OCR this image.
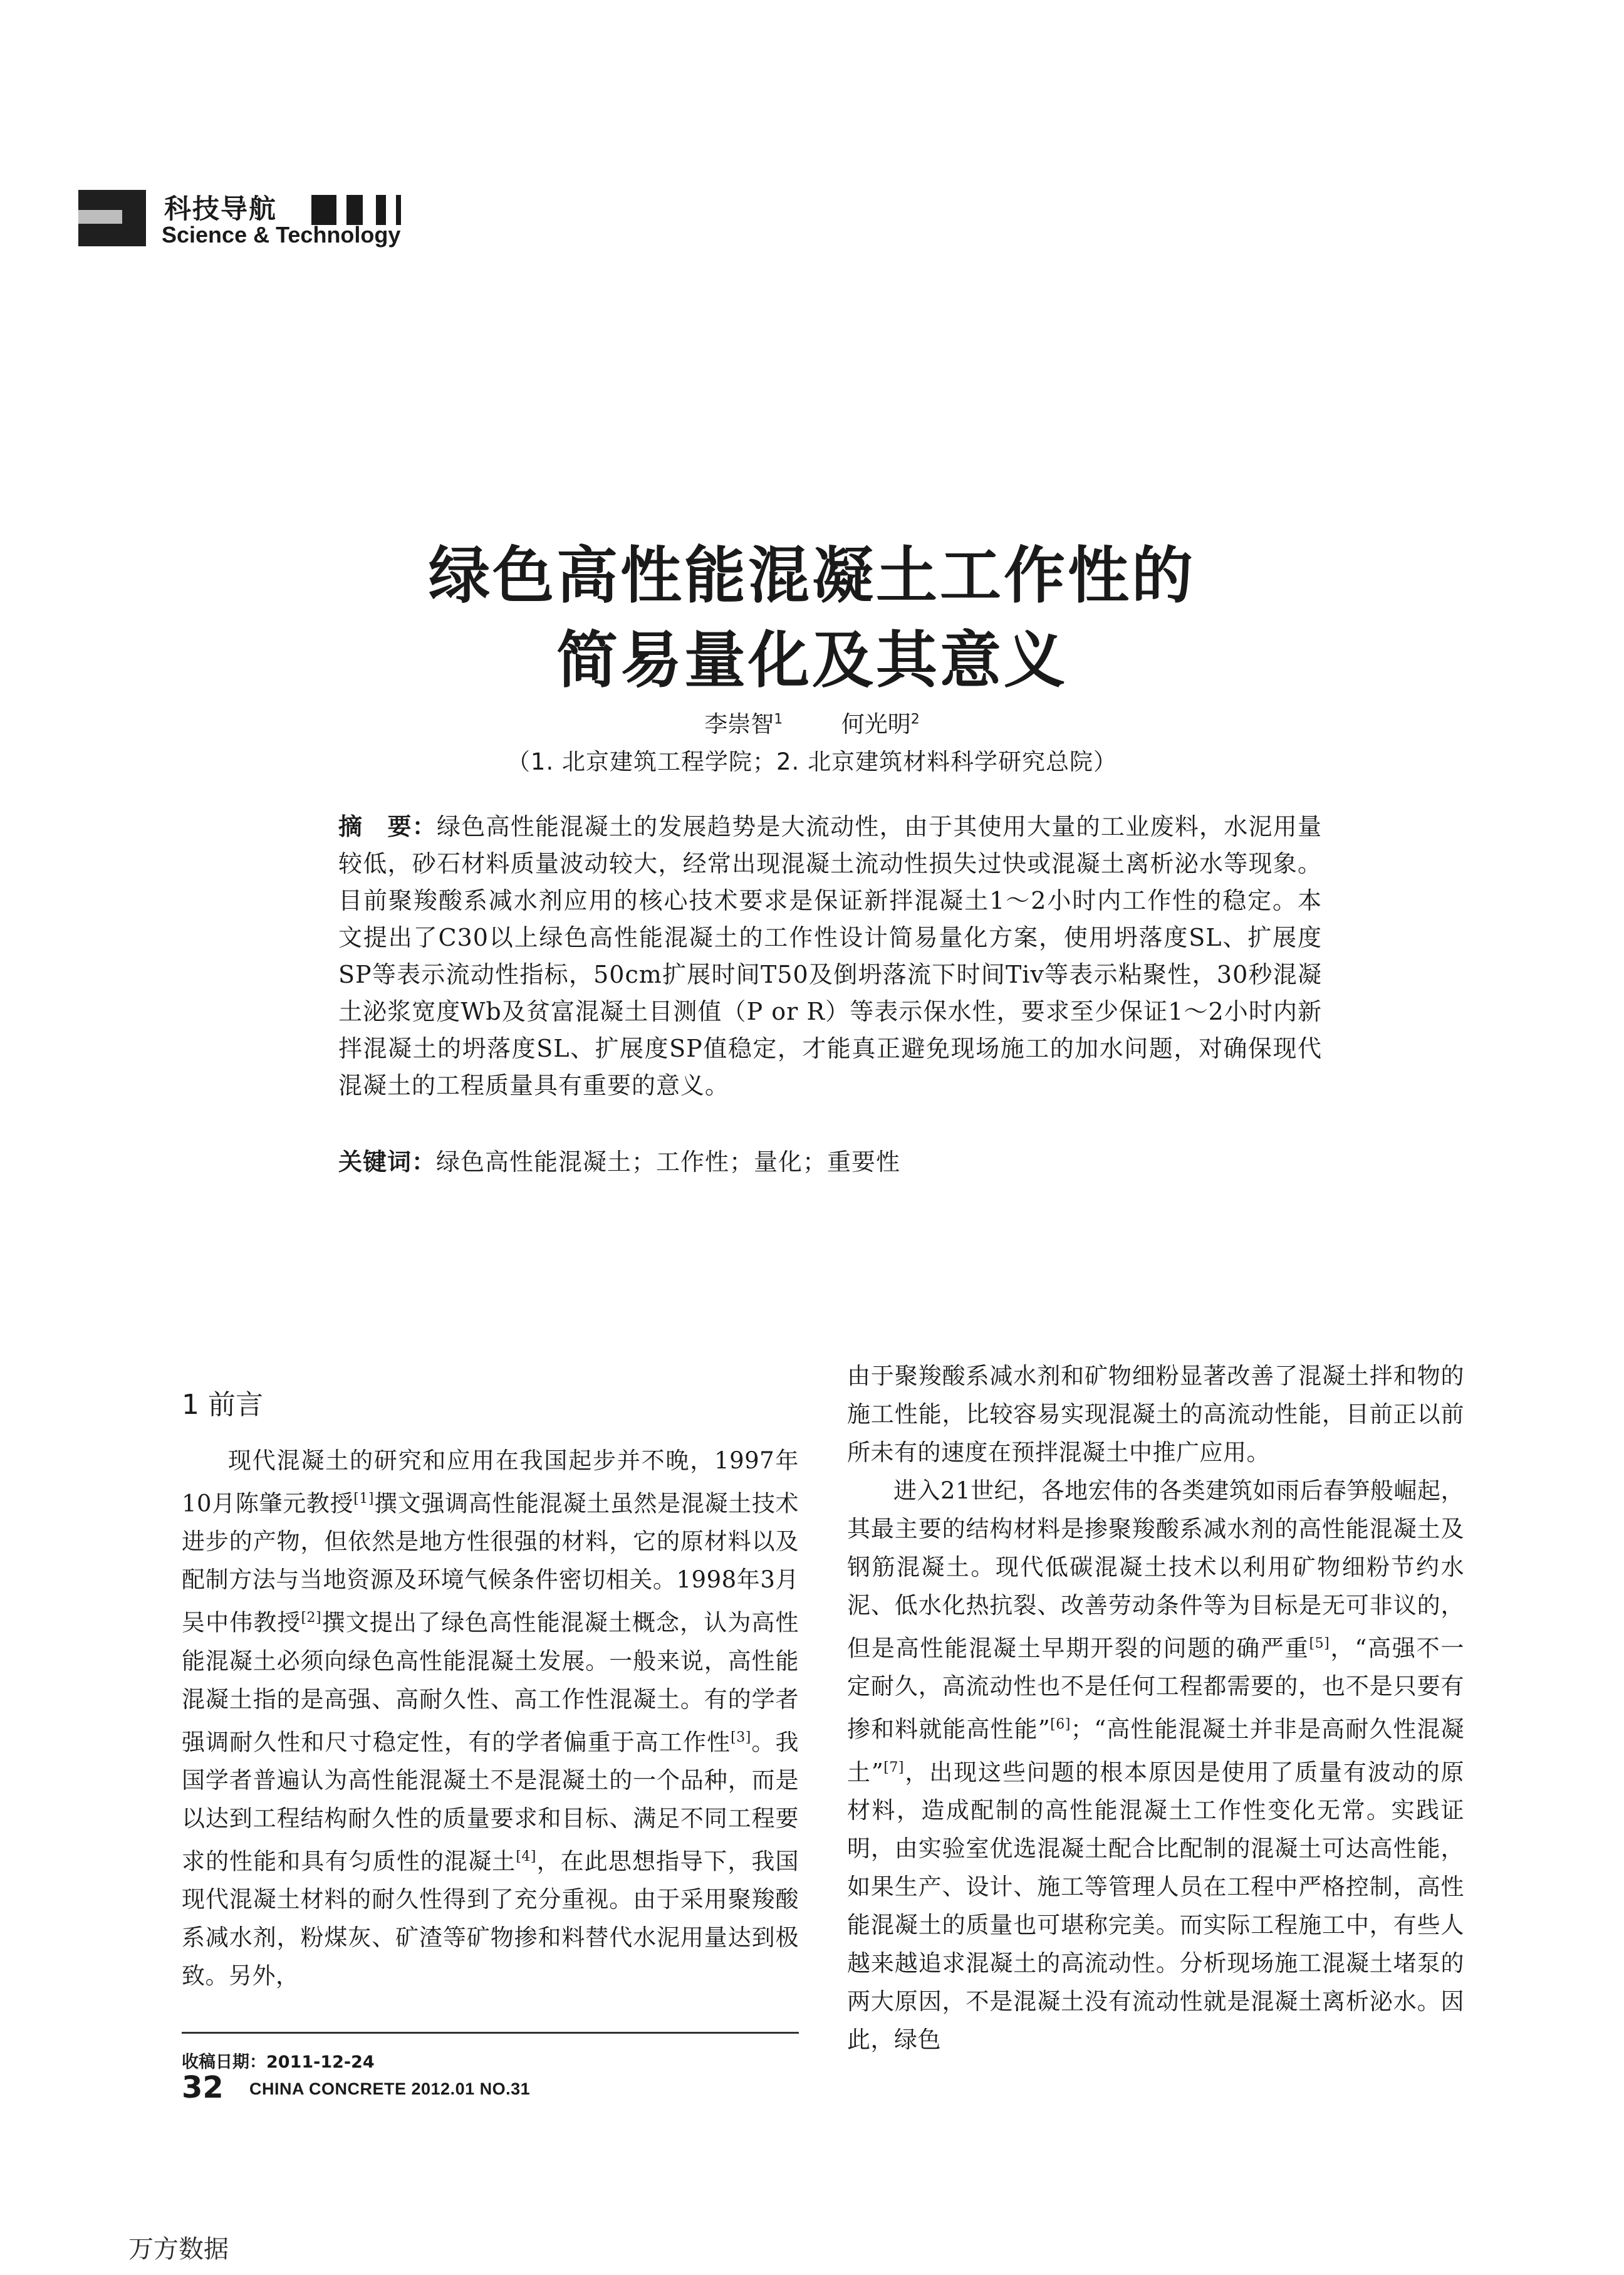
科技导航
Science & Technology
绿色高性能混凝土工作性的
简易量化及其意义
李崇智$^1$	何光明$^2$
（1. 北京建筑工程学院；2. 北京建筑材料科学研究总院）
摘　要：绿色高性能混凝土的发展趋势是大流动性，由于其使用大量的工业废料，水泥用量较低，砂石材料质量波动较大，经常出现混凝土流动性损失过快或混凝土离析泌水等现象。目前聚羧酸系减水剂应用的核心技术要求是保证新拌混凝土1～2小时内工作性的稳定。本文提出了C30以上绿色高性能混凝土的工作性设计简易量化方案，使用坍落度SL、扩展度SP等表示流动性指标，50cm扩展时间T50及倒坍落流下时间Tiv等表示粘聚性，30秒混凝土泌浆宽度Wb及贫富混凝土目测值（P or R）等表示保水性，要求至少保证1～2小时内新拌混凝土的坍落度SL、扩展度SP值稳定，才能真正避免现场施工的加水问题，对确保现代混凝土的工程质量具有重要的意义。
关键词：绿色高性能混凝土；工作性；量化；重要性
1 前言

现代混凝土的研究和应用在我国起步并不晚，1997年10月陈肇元教授[1]撰文强调高性能混凝土虽然是混凝土技术进步的产物，但依然是地方性很强的材料，它的原材料以及配制方法与当地资源及环境气候条件密切相关。1998年3月吴中伟教授[2]撰文提出了绿色高性能混凝土概念，认为高性能混凝土必须向绿色高性能混凝土发展。一般来说，高性能混凝土指的是高强、高耐久性、高工作性混凝土。有的学者强调耐久性和尺寸稳定性，有的学者偏重于高工作性[3]。我国学者普遍认为高性能混凝土不是混凝土的一个品种，而是以达到工程结构耐久性的质量要求和目标、满足不同工程要求的性能和具有匀质性的混凝土[4]，在此思想指导下，我国现代混凝土材料的耐久性得到了充分重视。由于采用聚羧酸系减水剂，粉煤灰、矿渣等矿物掺和料替代水泥用量达到极致。另外，

由于聚羧酸系减水剂和矿物细粉显著改善了混凝土拌和物的施工性能，比较容易实现混凝土的高流动性能，目前正以前所未有的速度在预拌混凝土中推广应用。

进入21世纪，各地宏伟的各类建筑如雨后春笋般崛起，其最主要的结构材料是掺聚羧酸系减水剂的高性能混凝土及钢筋混凝土。现代低碳混凝土技术以利用矿物细粉节约水泥、低水化热抗裂、改善劳动条件等为目标是无可非议的，但是高性能混凝土早期开裂的问题的确严重[5]，“高强不一定耐久，高流动性也不是任何工程都需要的，也不是只要有掺和料就能高性能”[6]；“高性能混凝土并非是高耐久性混凝土”[7]，出现这些问题的根本原因是使用了质量有波动的原材料，造成配制的高性能混凝土工作性变化无常。实践证明，由实验室优选混凝土配合比配制的混凝土可达高性能，如果生产、设计、施工等管理人员在工程中严格控制，高性能混凝土的质量也可堪称完美。而实际工程施工中，有些人越来越追求混凝土的高流动性。分析现场施工混凝土堵泵的两大原因，不是混凝土没有流动性就是混凝土离析泌水。因此，绿色

收稿日期：2011-12-24
32 CHINA CONCRETE 2012.01 NO.31
万方数据
